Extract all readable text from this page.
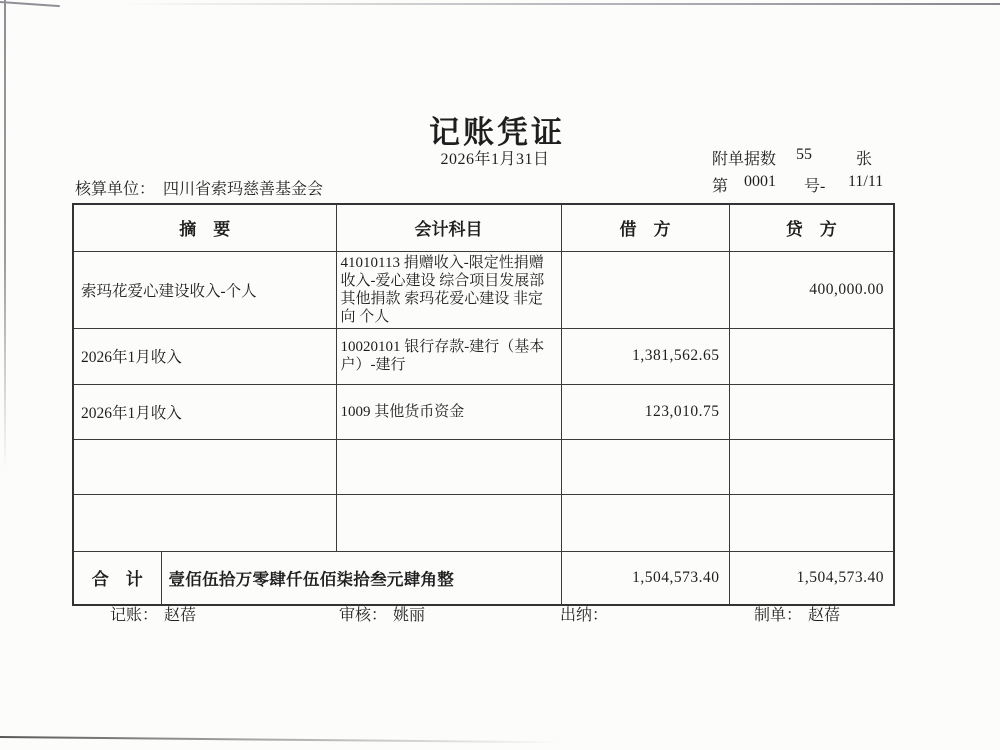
记账凭证
2026年1月31日	附单据数	55	张
第 0001	号-	11/11
核算单位： 四川省索玛慈善基金会
摘　要		会计科目	借　方	贷　方
索玛花爱心建设收入-个人		41010113 捐赠收入-限定性捐赠收入-爱心建设 综合项目发展部 其他捐款 索玛花爱心建设 非定向 个人		400,000.00
2026年1月收入		10020101 银行存款-建行（基本户）-建行	1,381,562.65	
2026年1月收入		1009 其他货币资金	123,010.75	

合　计	壹佰伍拾万零肆仟伍佰柒拾叁元肆角整		1,504,573.40	1,504,573.40
记账： 赵蓓	审核： 姚丽	出纳：	制单： 赵蓓
